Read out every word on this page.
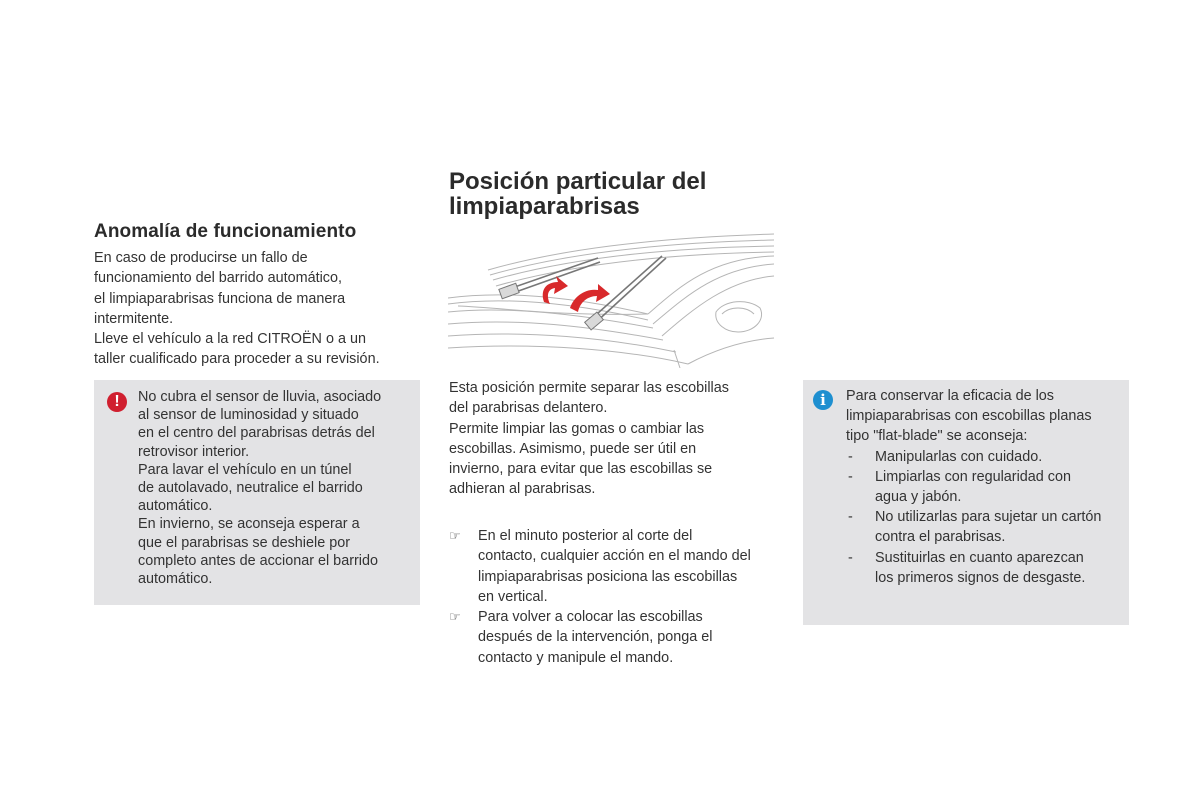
Anomalía de funcionamiento

En caso de producirse un fallo de

funcionamiento del barrido automático,

el limpiaparabrisas funciona de manera

intermitente.

Lleve el vehículo a la red CITROËN o a un

taller cualificado para proceder a su revisión.

!	No cubra el sensor de lluvia, asociado

al sensor de luminosidad y situado

en el centro del parabrisas detrás del

retrovisor interior.

Para lavar el vehículo en un túnel

de autolavado, neutralice el barrido

automático.

En invierno, se aconseja esperar a

que el parabrisas se deshiele por

completo antes de accionar el barrido

automático.

Posición particular del
limpiaparabrisas

Esta posición permite separar las escobillas

del parabrisas delantero.

Permite limpiar las gomas o cambiar las

escobillas. Asimismo, puede ser útil en

invierno, para evitar que las escobillas se

adhieran al parabrisas.

☞ En el minuto posterior al corte del

contacto, cualquier acción en el mando del

limpiaparabrisas posiciona las escobillas

en vertical.

☞ Para volver a colocar las escobillas

después de la intervención, ponga el

contacto y manipule el mando.

i	Para conservar la eficacia de los

limpiaparabrisas con escobillas planas

tipo "flat-blade" se aconseja:

- Manipularlas con cuidado.

- Limpiarlas con regularidad con

agua y jabón.

- No utilizarlas para sujetar un cartón

contra el parabrisas.

- Sustituirlas en cuanto aparezcan

los primeros signos de desgaste.
